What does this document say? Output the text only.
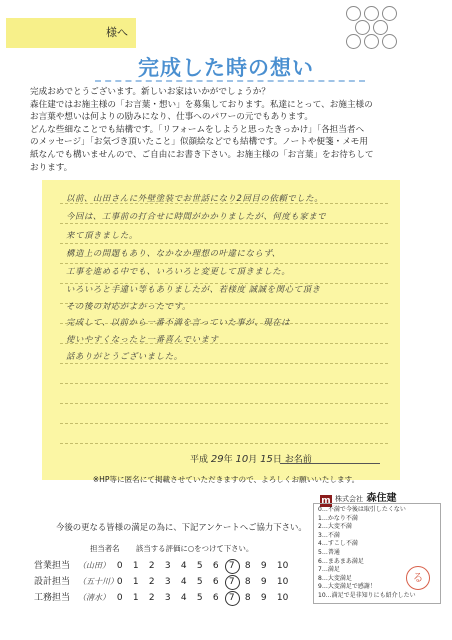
様へ
完成した時の想い
完成おめでとうございます。新しいお家はいかがでしょうか？
森住建ではお施主様の「お言葉・想い」を募集しております。私達にとって、お施主様の
お言葉や想いは何よりの励みになり、仕事へのパワーの元でもあります。
どんな些細なことでも結構です。「リフォームをしようと思ったきっかけ」「各担当者へ
のメッセージ」「お気づき頂いたこと」似顔絵などでも結構です。ノートや便箋・メモ用
紙なんでも構いませんので、ご自由にお書き下さい。お施主様の「お言葉」をお待ちして
おります。
以前、山田さんに外壁塗装でお世話になり2回目の依頼でした。
今回は、工事前の打合せに時間がかかりましたが、何度も家まで
来て頂きました。
構造上の問題もあり、なかなか理想の叶違にならず、
工事を進める中でも、いろいろと変更して頂きました。
いろいろと手違い等もありましたが、若様度 誠誠を関心て頂き
その後の対応がよかったです。
完成して、以前から一番不満を言っていた事が、現在は
使いやすくなったと一番喜んでいます
話ありがとうございました。
平成 29年 10月 15日 お名前
※HP等に匿名にて掲載させていただきますので、よろしくお願いいたします。
m 株式会社 森住建
今後の更なる皆様の満足の為に、下記アンケートへご協力下さい。
担当者名 該当する評価に○をつけて下さい。
営業担当 （山田） 0 1 2 3 4 5 6 7 8 9 10
設計担当 （五十川） 0 1 2 3 4 5 6 7 8 9 10
工務担当 （清水） 0 1 2 3 4 5 6 7 8 9 10
0…不満で今後は取引したくない
1…かなり不満
2…大変不満
3…不満
4…すこし不満
5…普通
6…まあまあ満足
7…満足
8…大変満足
9…大変満足で感謝！
10…満足で是非知りにも紹介したい
る
